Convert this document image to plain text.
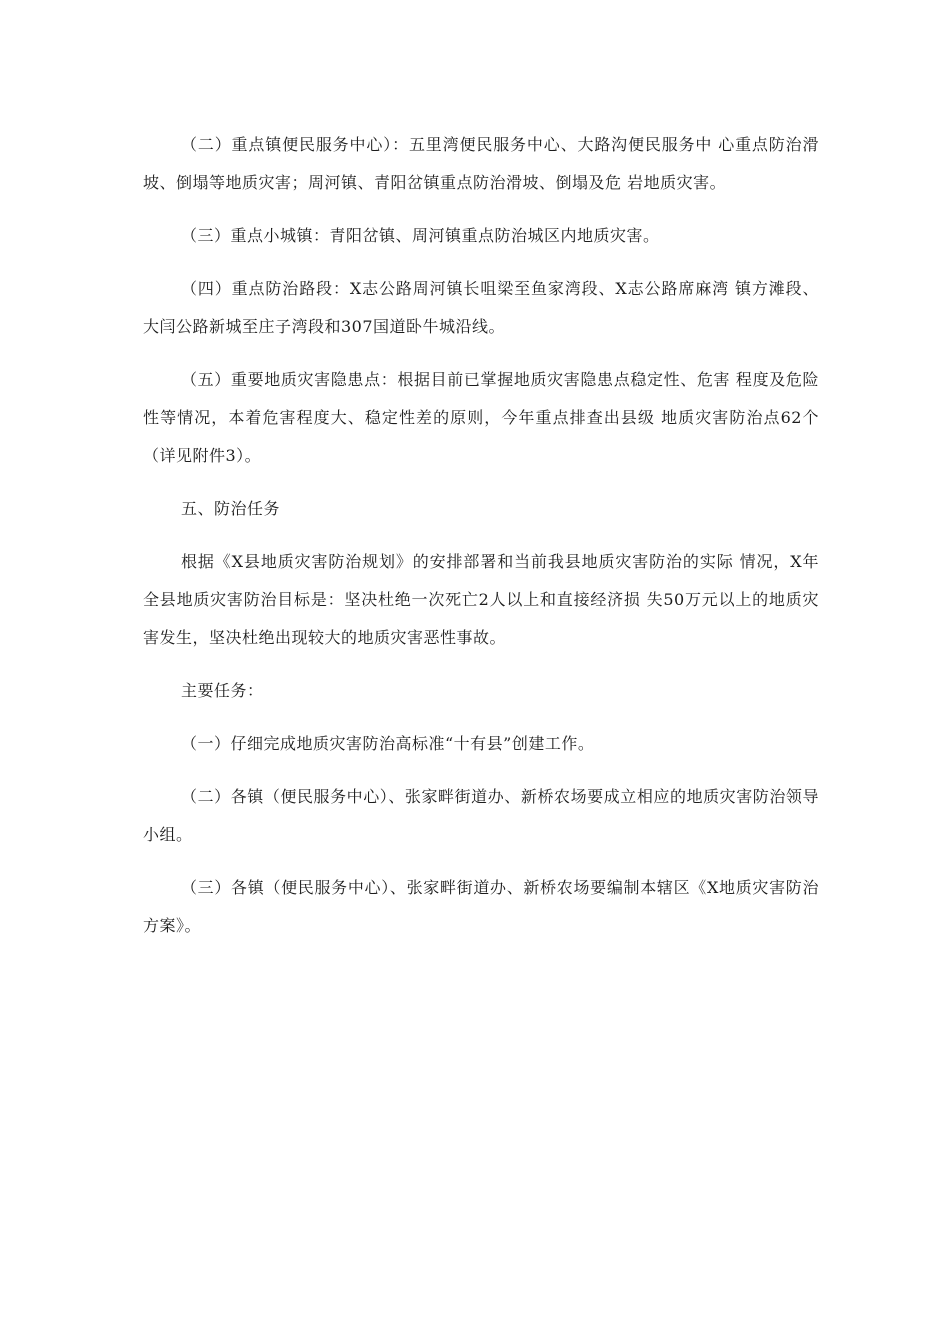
（二）重点镇便民服务中心）：五里湾便民服务中心、大路沟便民服务中 心重点防治滑坡、倒塌等地质灾害；周河镇、青阳岔镇重点防治滑坡、倒塌及危 岩地质灾害。

（三）重点小城镇：青阳岔镇、周河镇重点防治城区内地质灾害。

（四）重点防治路段：X志公路周河镇长咀梁至鱼家湾段、X志公路席麻湾 镇方滩段、大闫公路新城至庄子湾段和307国道卧牛城沿线。

（五）重要地质灾害隐患点：根据目前已掌握地质灾害隐患点稳定性、危害 程度及危险性等情况，本着危害程度大、稳定性差的原则，今年重点排查出县级 地质灾害防治点62个（详见附件3）。

五、防治任务

根据《X县地质灾害防治规划》的安排部署和当前我县地质灾害防治的实际 情况，X年全县地质灾害防治目标是：坚决杜绝一次死亡2人以上和直接经济损 失50万元以上的地质灾害发生，坚决杜绝出现较大的地质灾害恶性事故。

主要任务：

（一）仔细完成地质灾害防治高标准“十有县”创建工作。

（二）各镇（便民服务中心）、张家畔街道办、新桥农场要成立相应的地质灾害防治领导小组。

（三）各镇（便民服务中心）、张家畔街道办、新桥农场要编制本辖区《X地质灾害防治方案》。
